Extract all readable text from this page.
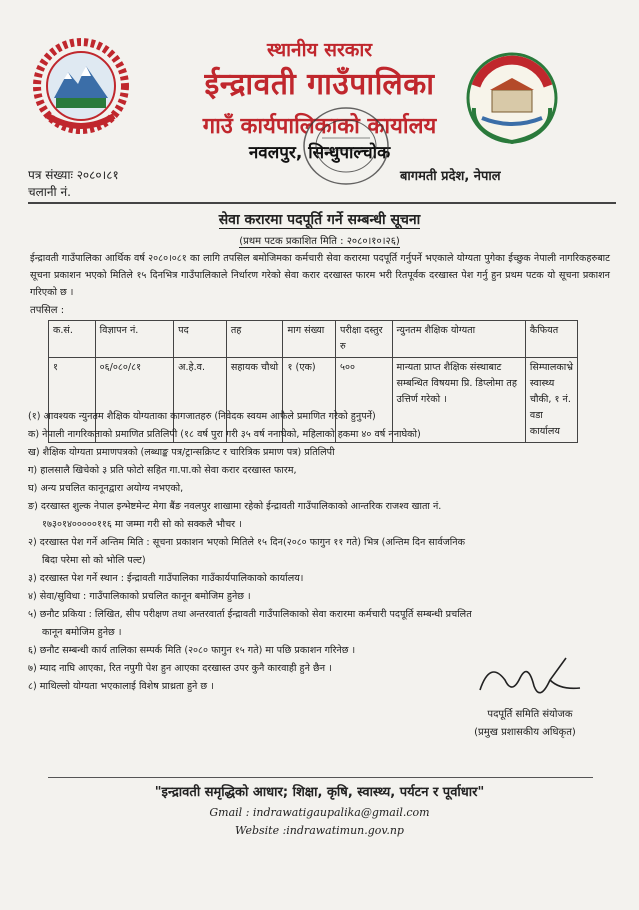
स्थानीय सरकार
ईन्द्रावती गाउँपालिका
गाउँ कार्यपालिकाको कार्यालय
नवलपुर, सिन्धुपाल्चोक
पत्र संख्याः २०८०।८१
चलानी नं.
बागमती प्रदेश, नेपाल
सेवा करारमा पदपूर्ति गर्ने सम्बन्धी सूचना
(प्रथम पटक प्रकाशित मिति : २०८०।१०।२६)
ईन्द्रावती गाउँपालिका आर्थिक वर्ष २०८०।०८१ का लागि तपसिल बमोजिमका कर्मचारी सेवा करारमा पदपूर्ति गर्नुपर्ने भएकाले योग्यता पुगेका ईच्छुक नेपाली नागरिकहरुबाट सूचना प्रकाशन भएको मितिले १५ दिनभित्र गाउँपालिकाले निर्धारण गरेको सेवा करार दरखास्त फारम भरी रितपूर्वक दरखास्त पेश गर्नु हुन प्रथम पटक यो सूचना प्रकाशन गरिएको छ ।
तपसिल :
क.सं.	विज्ञापन नं.	पद	तह	माग संख्या	परीक्षा दस्तुर रु	न्युनतम शैक्षिक योग्यता	कैफियत
१	०६/०८०/८१	अ.हे.व.	सहायक चौथो	१ (एक)	५००	मान्यता प्राप्त शैक्षिक संस्थाबाट सम्बन्धित विषयमा प्रि. डिप्लोमा तह उत्तिर्ण गरेको ।	सिम्पालकाभ्रे स्वास्थ्य चौकी, १ नं. वडा कार्यालय
(१) आवश्यक न्युनतम शैक्षिक योग्यताका कागजातहरु (निवेदक स्वयम आफैले प्रमाणित गरेको हुनुपर्ने)
क) नेपाली नागरिकताको प्रमाणित प्रतिलिपी (१८ वर्ष पुरा गरी ३५ वर्ष ननाघेको, महिलाको हकमा ४० वर्ष ननाघेको)
ख) शैक्षिक योग्यता प्रमाणपत्रको (लब्धाङ्क पत्र/ट्रान्सक्रिप्ट र चारित्रिक प्रमाण पत्र) प्रतिलिपी
ग) हालसालै खिचेको ३ प्रति फोटो सहित गा.पा.को सेवा करार दरखास्त फारम,
घ) अन्य प्रचलित कानूनद्वारा अयोग्य नभएको,
ङ) दरखास्त शुल्क नेपाल इन्भेष्टमेन्ट मेगा बैंङ नवलपुर शाखामा रहेको ईन्द्रावती गाउँपालिकाको आन्तरिक राजश्व खाता नं.
१७३०१४०००००११६ मा जम्मा गरी सो को सक्कलै भौचर ।
२) दरखास्त पेश गर्ने अन्तिम मिति : सूचना प्रकाशन भएको मितिले १५ दिन(२०८० फागुन ११ गते) भित्र (अन्तिम दिन सार्वजनिक
बिदा परेमा सो को भोलि पल्ट)
३) दरखास्त पेश गर्ने स्थान : ईन्द्रावती गाउँपालिका गाउँकार्यपालिकाको कार्यालय।
४) सेवा/सुविधा : गाउँपालिकाको प्रचलित कानून बमोजिम हुनेछ ।
५) छनौट प्रकिया : लिखित, सीप परीक्षण तथा अन्तरवार्ता ईन्द्रावती गाउँपालिकाको सेवा करारमा कर्मचारी पदपूर्ति सम्बन्धी प्रचलित
कानून बमोजिम हुनेछ ।
६) छनौट सम्बन्धी कार्य तालिका सम्पर्क मिति (२०८० फागुन १५ गते) मा पछि प्रकाशन गरिनेछ ।
७) म्याद नाघि आएका, रित नपुगी पेश हुन आएका दरखास्त उपर कुनै कारवाही हुने छैन ।
८) माथिल्लो योग्यता भएकालाई विशेष प्राथ्रता हुने छ ।
पदपूर्ति समिति संयोजक
(प्रमुख प्रशासकीय अधिकृत)
"इन्द्रावती समृद्धिको आधार; शिक्षा, कृषि, स्वास्थ्य, पर्यटन र पूर्वाधार"
Gmail : indrawatigaupalika@gmail.com
Website :indrawatimun.gov.np
